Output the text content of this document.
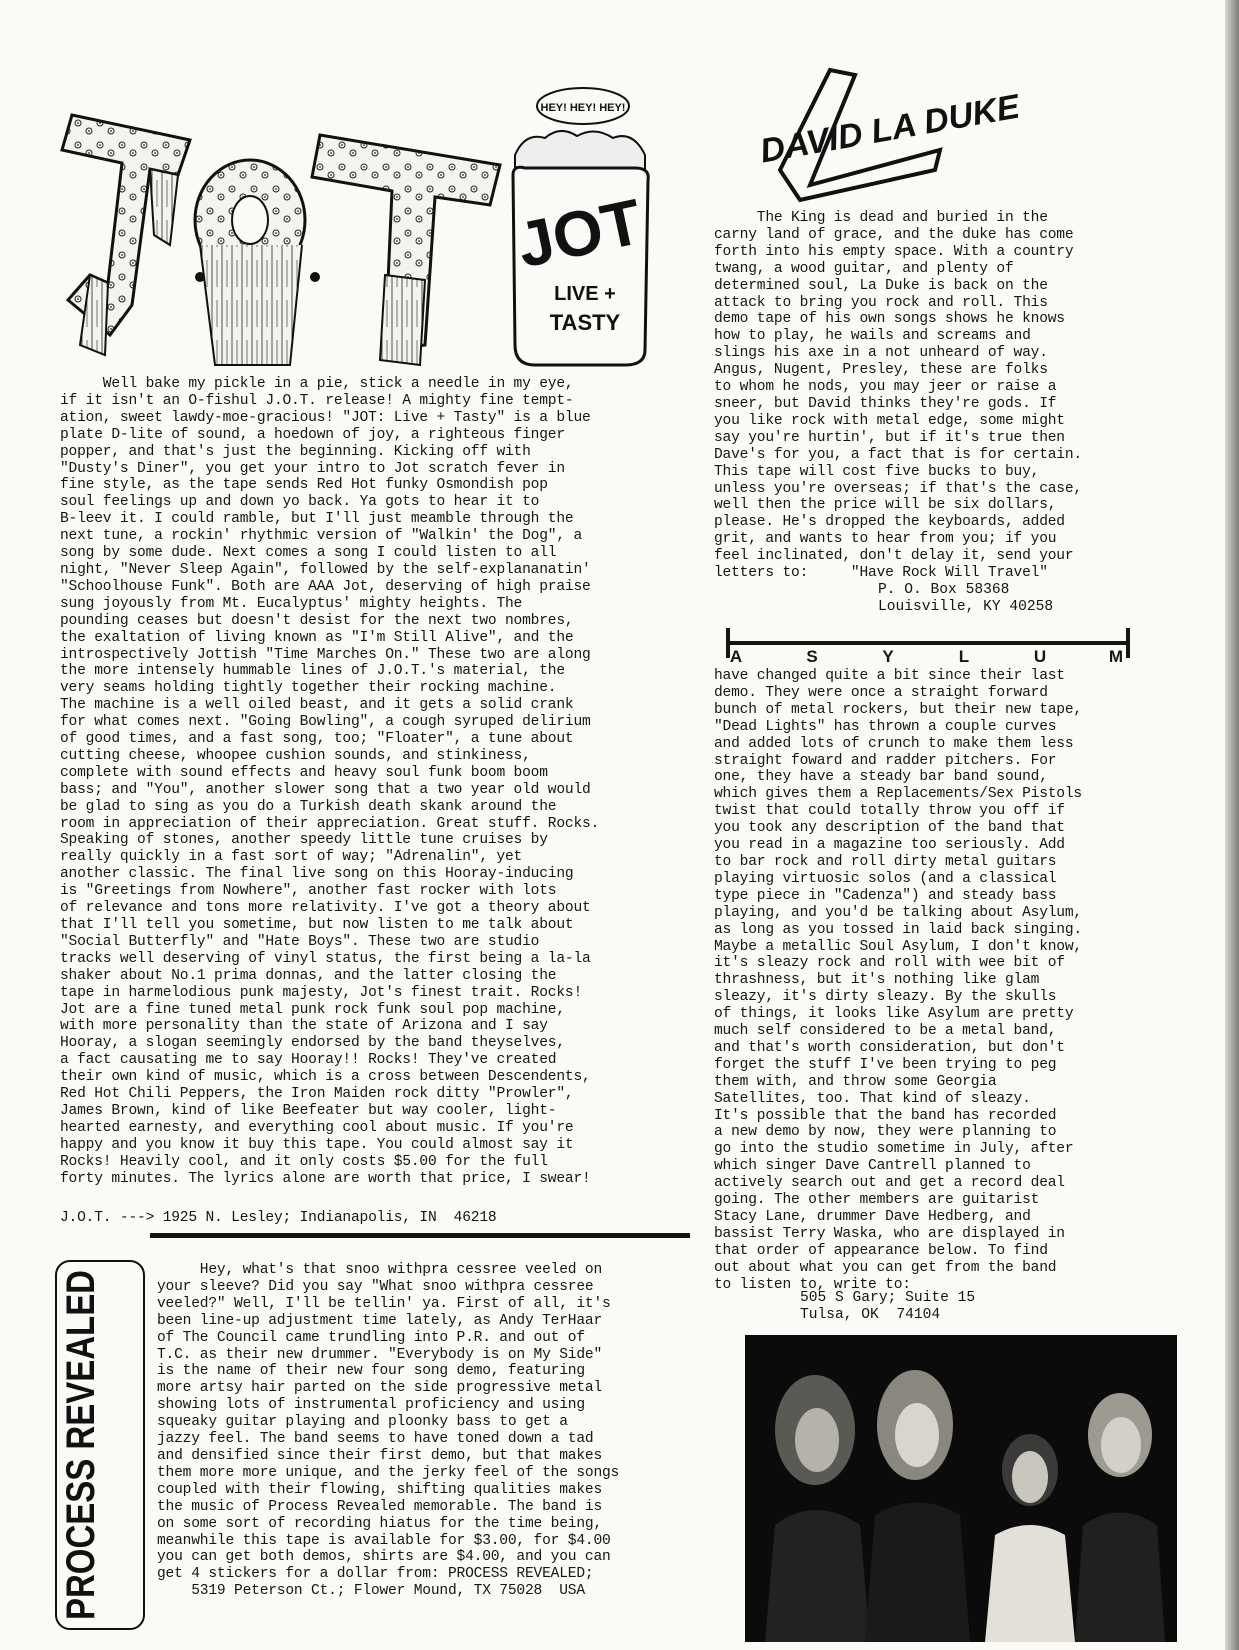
J.O.T.
HEY! HEY! HEY!
JOT
LIVE +
TASTY
DAVID LA DUKE
PROCESS REVEALED
Well bake my pickle in a pie, stick a needle in my eye,
if it isn't an O-fishul J.O.T. release! A mighty fine tempt-
ation, sweet lawdy-moe-gracious! "JOT: Live + Tasty" is a blue
plate D-lite of sound, a hoedown of joy, a righteous finger
popper, and that's just the beginning. Kicking off with
"Dusty's Diner", you get your intro to Jot scratch fever in
fine style, as the tape sends Red Hot funky Osmondish pop
soul feelings up and down yo back. Ya gots to hear it to
B-leev it. I could ramble, but I'll just meamble through the
next tune, a rockin' rhythmic version of "Walkin' the Dog", a
song by some dude. Next comes a song I could listen to all
night, "Never Sleep Again", followed by the self-explananatin'
"Schoolhouse Funk". Both are AAA Jot, deserving of high praise
sung joyously from Mt. Eucalyptus' mighty heights. The
pounding ceases but doesn't desist for the next two nombres,
the exaltation of living known as "I'm Still Alive", and the
introspectively Jottish "Time Marches On." These two are along
the more intensely hummable lines of J.O.T.'s material, the
very seams holding tightly together their rocking machine.
The machine is a well oiled beast, and it gets a solid crank
for what comes next. "Going Bowling", a cough syruped delirium
of good times, and a fast song, too; "Floater", a tune about
cutting cheese, whoopee cushion sounds, and stinkiness,
complete with sound effects and heavy soul funk boom boom
bass; and "You", another slower song that a two year old would
be glad to sing as you do a Turkish death skank around the
room in appreciation of their appreciation. Great stuff. Rocks.
Speaking of stones, another speedy little tune cruises by
really quickly in a fast sort of way; "Adrenalin", yet
another classic. The final live song on this Hooray-inducing
is "Greetings from Nowhere", another fast rocker with lots
of relevance and tons more relativity. I've got a theory about
that I'll tell you sometime, but now listen to me talk about
"Social Butterfly" and "Hate Boys". These two are studio
tracks well deserving of vinyl status, the first being a la-la
shaker about No.1 prima donnas, and the latter closing the
tape in harmelodious punk majesty, Jot's finest trait. Rocks!
Jot are a fine tuned metal punk rock funk soul pop machine,
with more personality than the state of Arizona and I say
Hooray, a slogan seemingly endorsed by the band theyselves,
a fact causating me to say Hooray!! Rocks! They've created
their own kind of music, which is a cross between Descendents,
Red Hot Chili Peppers, the Iron Maiden rock ditty "Prowler",
James Brown, kind of like Beefeater but way cooler, light-
hearted earnesty, and everything cool about music. If you're
happy and you know it buy this tape. You could almost say it
Rocks! Heavily cool, and it only costs $5.00 for the full
forty minutes. The lyrics alone are worth that price, I swear!
J.O.T. ---> 1925 N. Lesley; Indianapolis, IN  46218
Hey, what's that snoo withpra cessree veeled on
your sleeve? Did you say "What snoo withpra cessree
veeled?" Well, I'll be tellin' ya. First of all, it's
been line-up adjustment time lately, as Andy TerHaar
of The Council came trundling into P.R. and out of
T.C. as their new drummer. "Everybody is on My Side"
is the name of their new four song demo, featuring
more artsy hair parted on the side progressive metal
showing lots of instrumental proficiency and using
squeaky guitar playing and ploonky bass to get a
jazzy feel. The band seems to have toned down a tad
and densified since their first demo, but that makes
them more more unique, and the jerky feel of the songs
coupled with their flowing, shifting qualities makes
the music of Process Revealed memorable. The band is
on some sort of recording hiatus for the time being,
meanwhile this tape is available for $3.00, for $4.00
you can get both demos, shirts are $4.00, and you can
get 4 stickers for a dollar from: PROCESS REVEALED;
5319 Peterson Ct.; Flower Mound, TX 75028  USA
The King is dead and buried in the
carny land of grace, and the duke has come
forth into his empty space. With a country
twang, a wood guitar, and plenty of
determined soul, La Duke is back on the
attack to bring you rock and roll. This
demo tape of his own songs shows he knows
how to play, he wails and screams and
slings his axe in a not unheard of way.
Angus, Nugent, Presley, these are folks
to whom he nods, you may jeer or raise a
sneer, but David thinks they're gods. If
you like rock with metal edge, some might
say you're hurtin', but if it's true then
Dave's for you, a fact that is for certain.
This tape will cost five bucks to buy,
unless you're overseas; if that's the case,
well then the price will be six dollars,
please. He's dropped the keyboards, added
grit, and wants to hear from you; if you
feel inclinated, don't delay it, send your
letters to:     "Have Rock Will Travel"
P. O. Box 58368
Louisville, KY 40258
A	S	Y	L	U	M
have changed quite a bit since their last
demo. They were once a straight forward
bunch of metal rockers, but their new tape,
"Dead Lights" has thrown a couple curves
and added lots of crunch to make them less
straight foward and radder pitchers. For
one, they have a steady bar band sound,
which gives them a Replacements/Sex Pistols
twist that could totally throw you off if
you took any description of the band that
you read in a magazine too seriously. Add
to bar rock and roll dirty metal guitars
playing virtuosic solos (and a classical
type piece in "Cadenza") and steady bass
playing, and you'd be talking about Asylum,
as long as you tossed in laid back singing.
Maybe a metallic Soul Asylum, I don't know,
it's sleazy rock and roll with wee bit of
thrashness, but it's nothing like glam
sleazy, it's dirty sleazy. By the skulls
of things, it looks like Asylum are pretty
much self considered to be a metal band,
and that's worth consideration, but don't
forget the stuff I've been trying to peg
them with, and throw some Georgia
Satellites, too. That kind of sleazy.
It's possible that the band has recorded
a new demo by now, they were planning to
go into the studio sometime in July, after
which singer Dave Cantrell planned to
actively search out and get a record deal
going. The other members are guitarist
Stacy Lane, drummer Dave Hedberg, and
bassist Terry Waska, who are displayed in
that order of appearance below. To find
out about what you can get from the band
to listen to, write to:
505 S Gary; Suite 15
Tulsa, OK  74104
